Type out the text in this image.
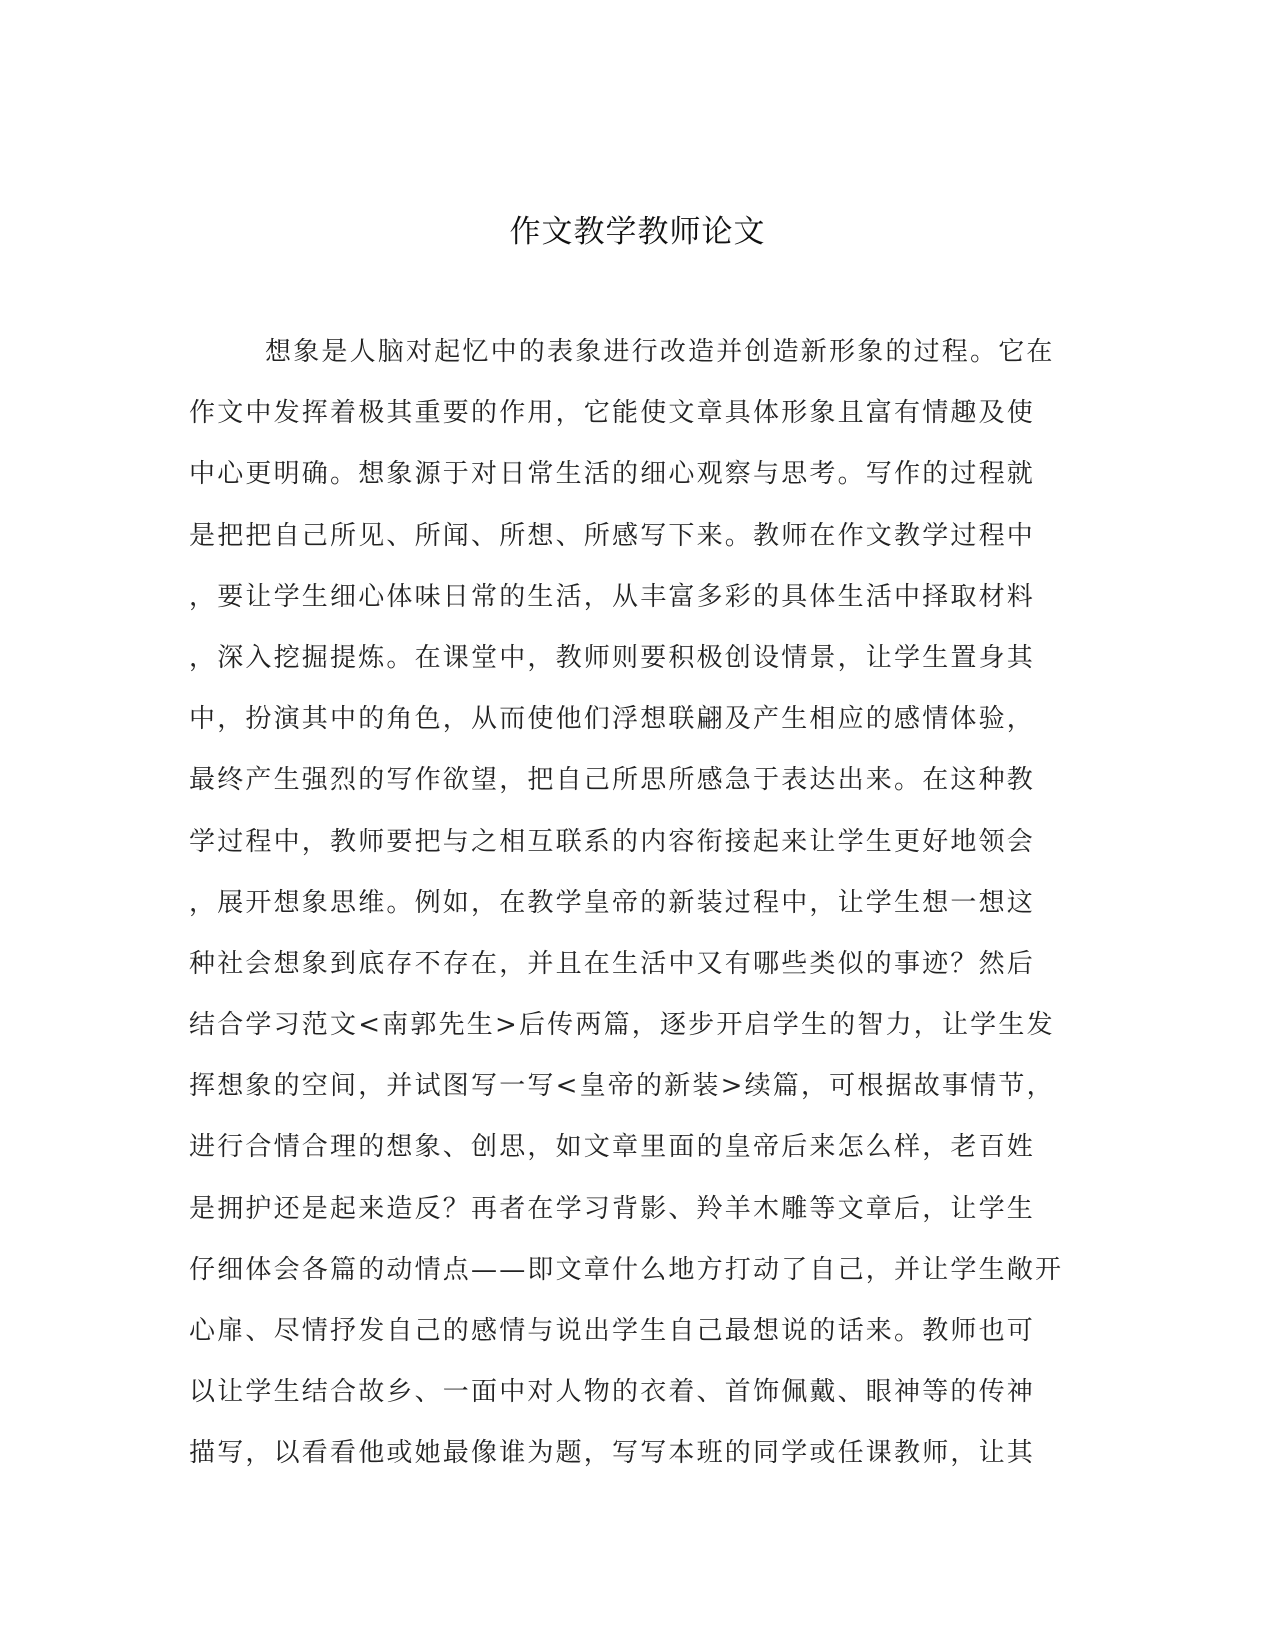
作文教学教师论文
想象是人脑对起忆中的表象进行改造并创造新形象的过程。它在
作文中发挥着极其重要的作用，它能使文章具体形象且富有情趣及使
中心更明确。想象源于对日常生活的细心观察与思考。写作的过程就
是把把自己所见、所闻、所想、所感写下来。教师在作文教学过程中
，要让学生细心体味日常的生活，从丰富多彩的具体生活中择取材料
，深入挖掘提炼。在课堂中，教师则要积极创设情景，让学生置身其
中，扮演其中的角色，从而使他们浮想联翩及产生相应的感情体验，
最终产生强烈的写作欲望，把自己所思所感急于表达出来。在这种教
学过程中，教师要把与之相互联系的内容衔接起来让学生更好地领会
，展开想象思维。例如，在教学皇帝的新装过程中，让学生想一想这
种社会想象到底存不存在，并且在生活中又有哪些类似的事迹？然后
结合学习范文<南郭先生>后传两篇，逐步开启学生的智力，让学生发
挥想象的空间，并试图写一写<皇帝的新装>续篇，可根据故事情节，
进行合情合理的想象、创思，如文章里面的皇帝后来怎么样，老百姓
是拥护还是起来造反？再者在学习背影、羚羊木雕等文章后，让学生
仔细体会各篇的动情点——即文章什么地方打动了自己，并让学生敞开
心扉、尽情抒发自己的感情与说出学生自己最想说的话来。教师也可
以让学生结合故乡、一面中对人物的衣着、首饰佩戴、眼神等的传神
描写，以看看他或她最像谁为题，写写本班的同学或任课教师，让其
